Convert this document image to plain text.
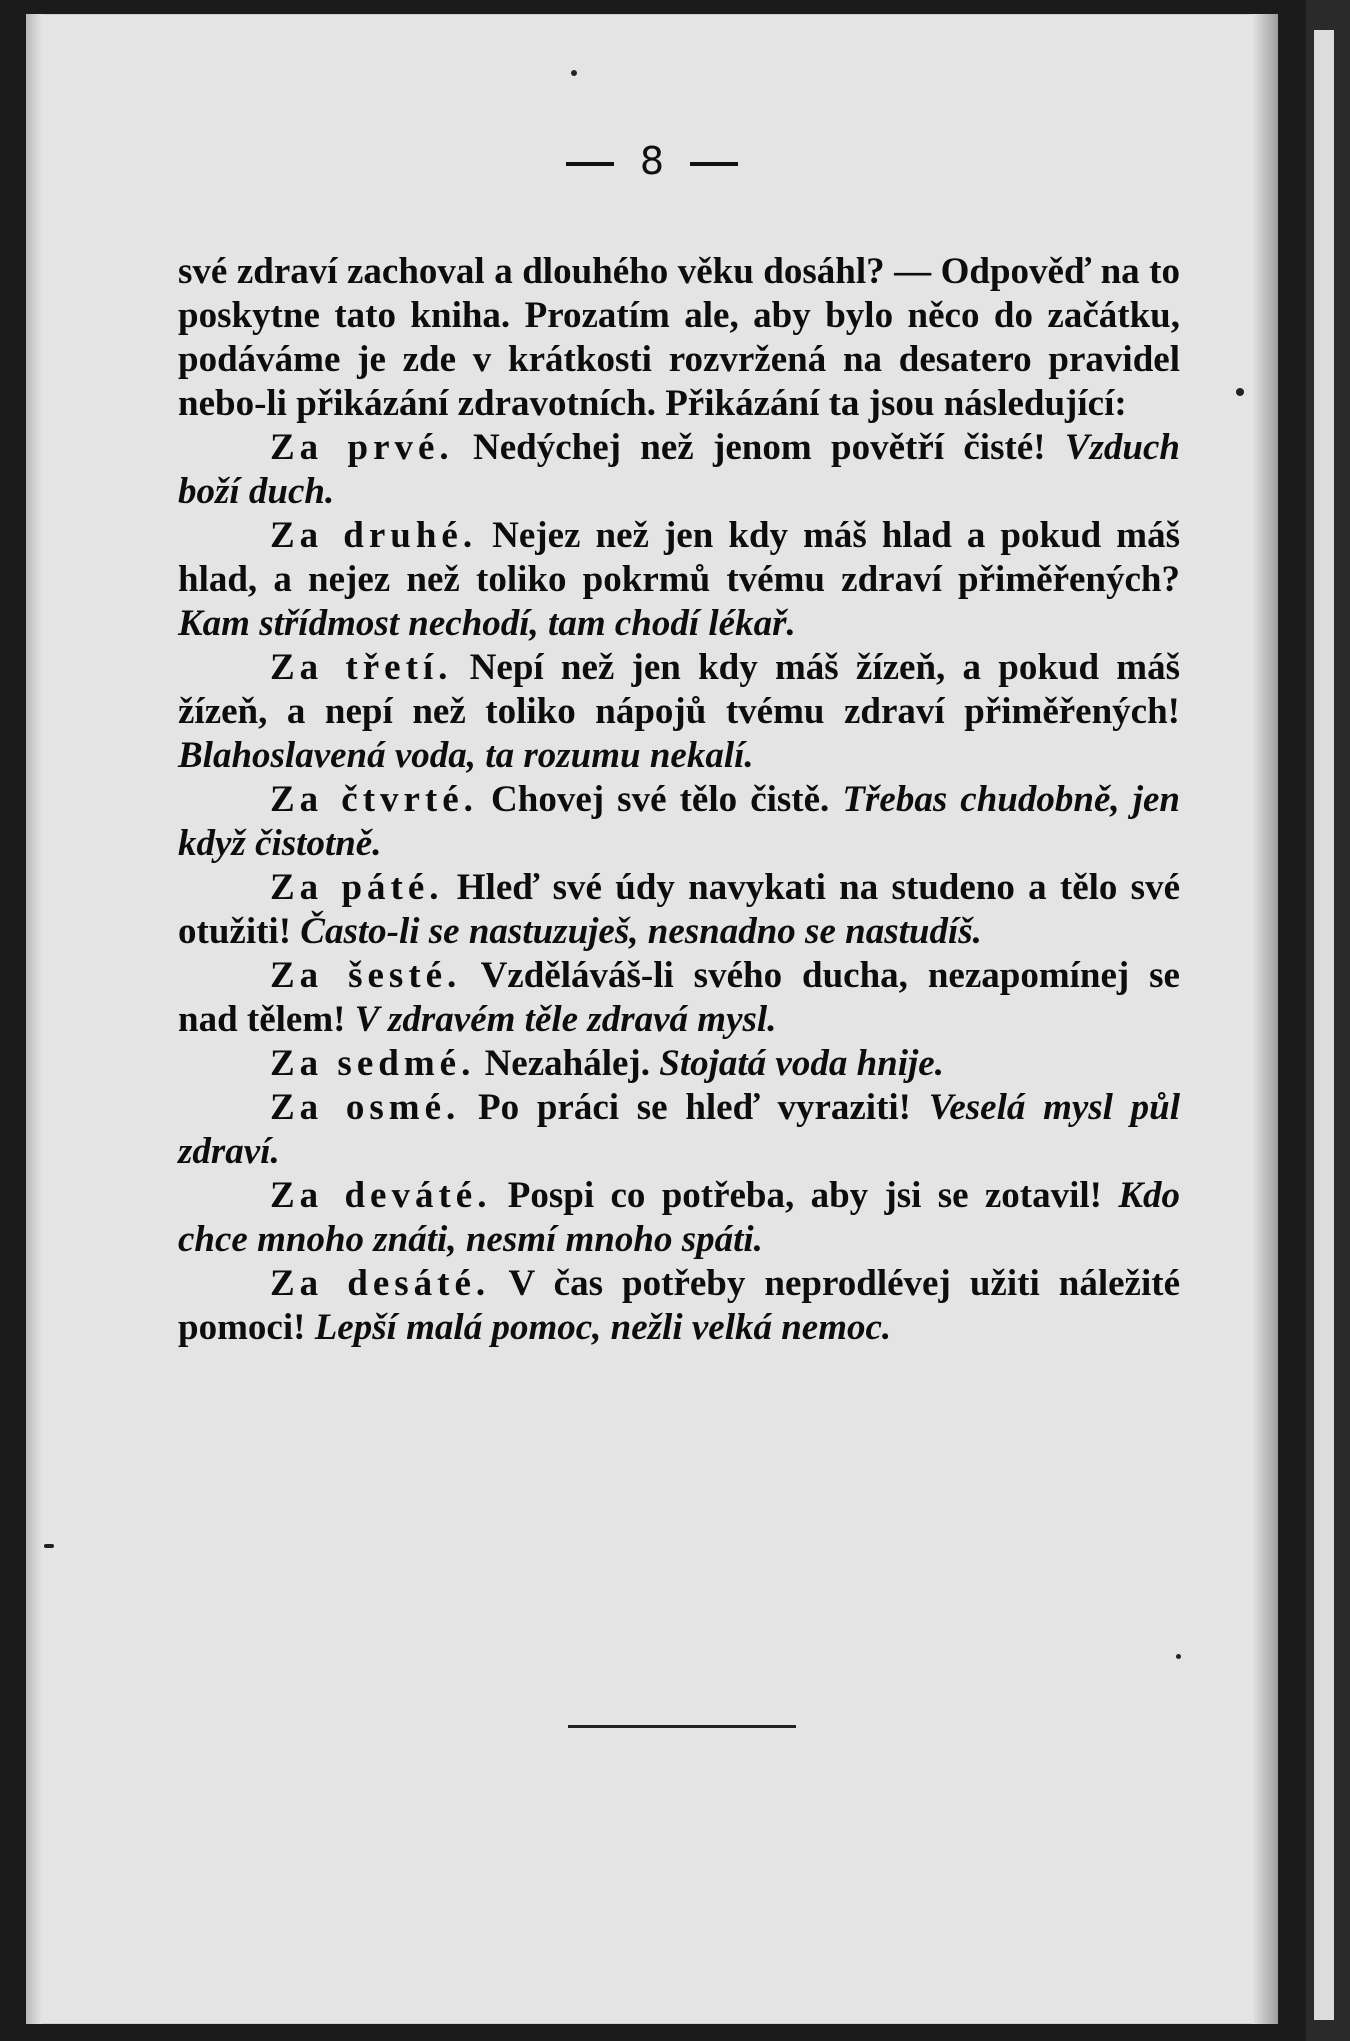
8

své zdraví zachoval a dlouhého věku dosáhl? — Odpověď na to poskytne tato kniha. Prozatím ale, aby bylo něco do začátku, podáváme je zde v krátkosti rozvržená na desatero pravidel nebo-li přikázání zdravotních. Přikázání ta jsou následující:

Za prvé. Nedýchej než jenom povětří čisté! Vzduch boží duch.

Za druhé. Nejez než jen kdy máš hlad a pokud máš hlad, a nejez než toliko pokrmů tvému zdraví přiměřených? Kam střídmost nechodí, tam chodí lékař.

Za třetí. Nepí než jen kdy máš žízeň, a pokud máš žízeň, a nepí než toliko nápojů tvému zdraví přiměřených! Blahoslavená voda, ta rozumu nekalí.

Za čtvrté. Chovej své tělo čistě. Třebas chudobně, jen když čistotně.

Za páté. Hleď své údy navykati na studeno a tělo své otužiti! Často-li se nastuzuješ, nesnadno se nastudíš.

Za šesté. Vzděláváš-li svého ducha, nezapomínej se nad tělem! V zdravém těle zdravá mysl.

Za sedmé. Nezahálej. Stojatá voda hnije.

Za osmé. Po práci se hleď vyraziti! Veselá mysl půl zdraví.

Za deváté. Pospi co potřeba, aby jsi se zotavil! Kdo chce mnoho znáti, nesmí mnoho spáti.

Za desáté. V čas potřeby neprodlévej užiti náležité pomoci! Lepší malá pomoc, nežli velká nemoc.
